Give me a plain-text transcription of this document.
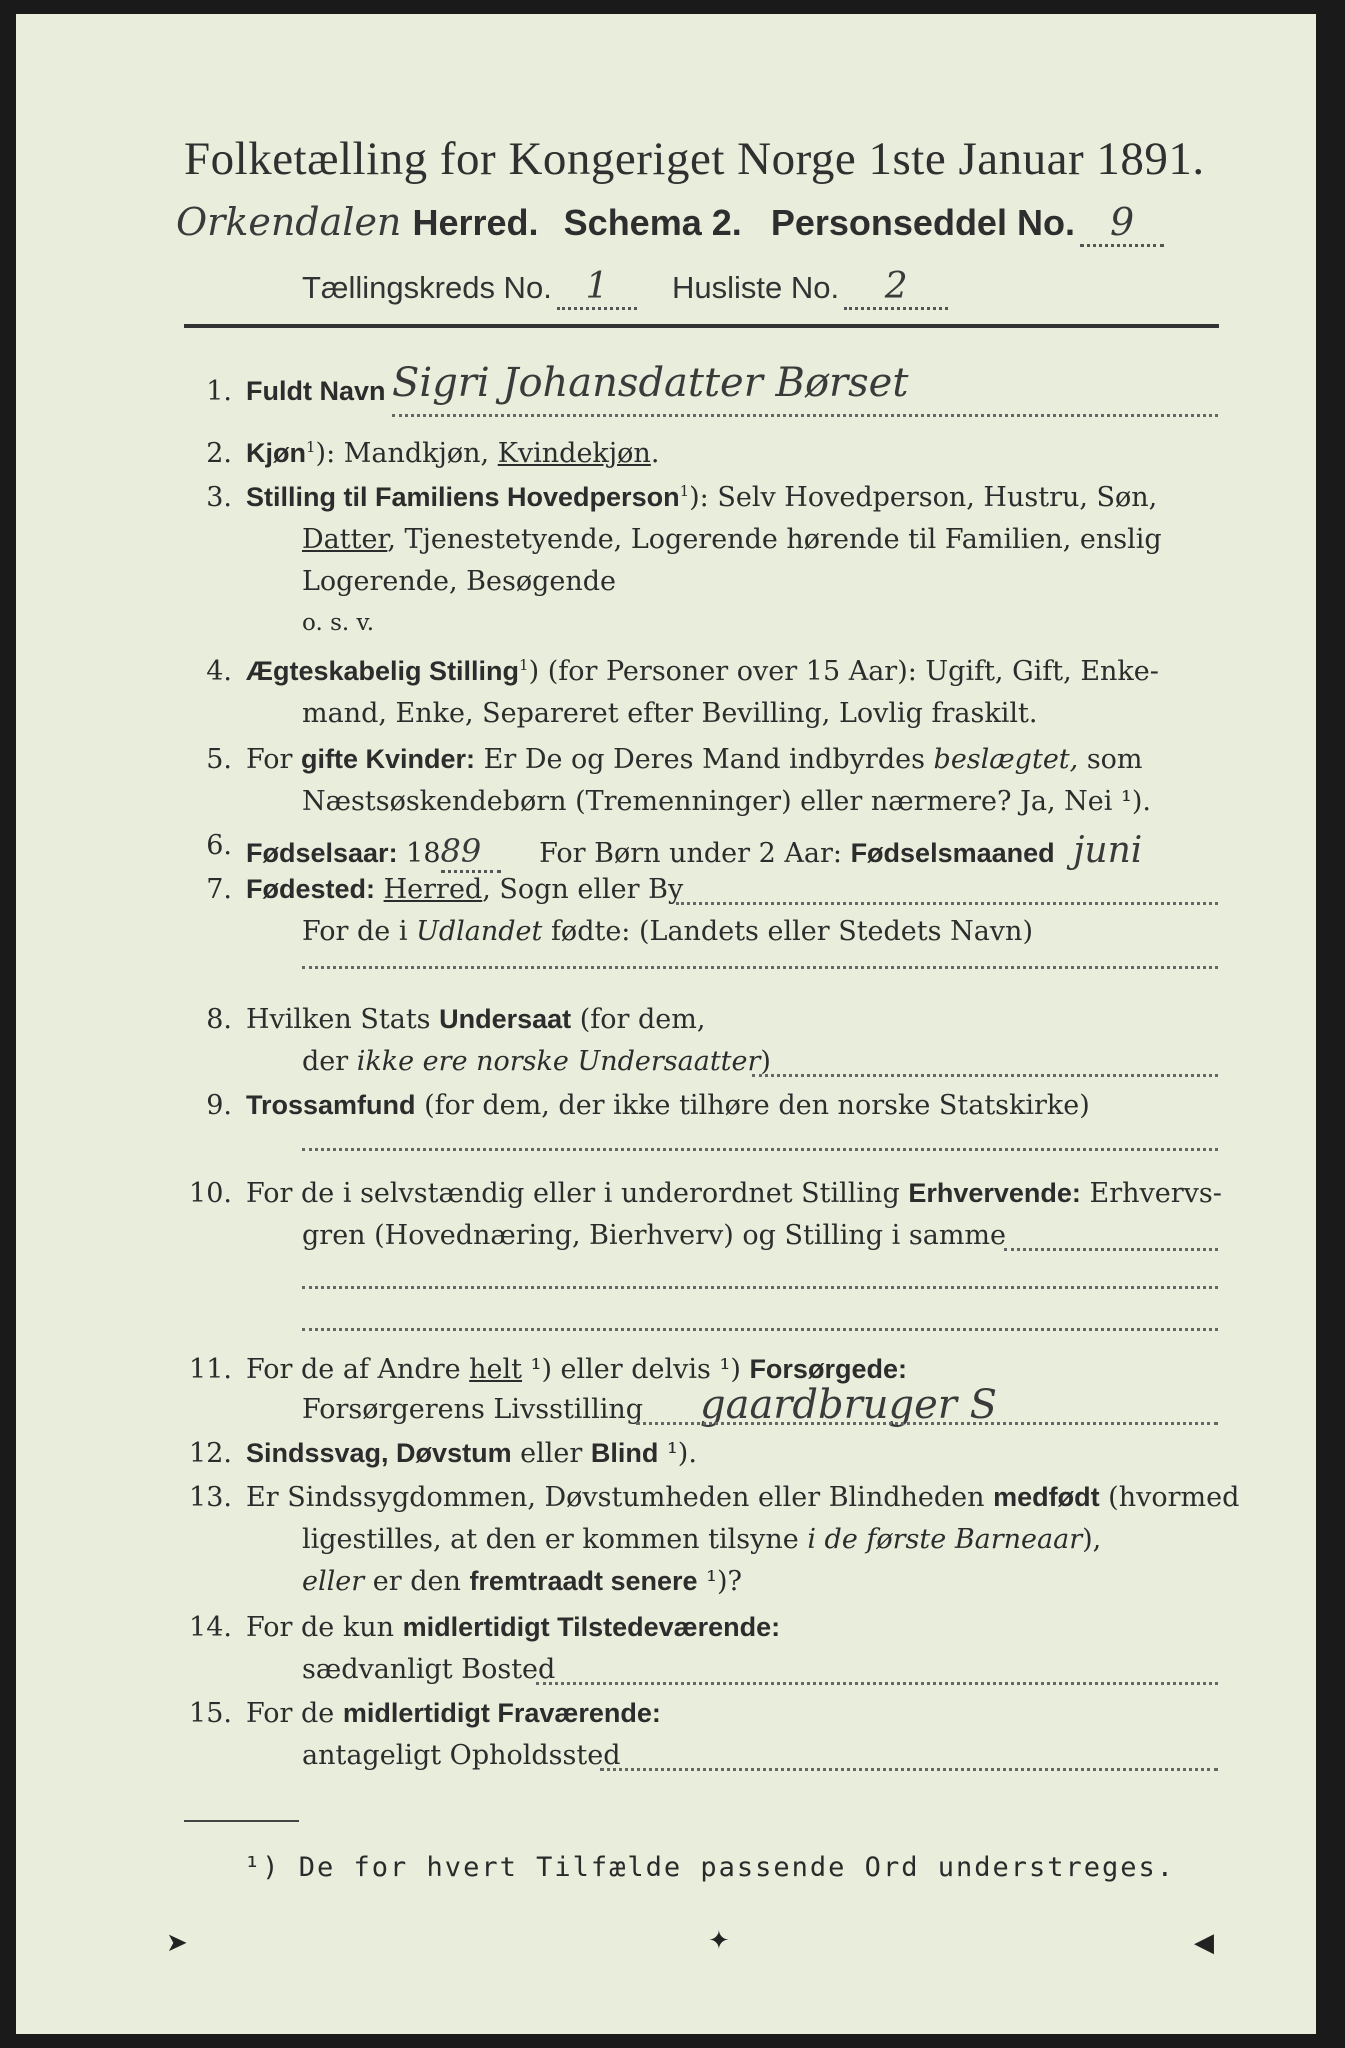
Folketælling for Kongeriget Norge 1ste Januar 1891.
Orkendalen Herred. Schema 2. Personseddel No. 9
Tællingskreds No. 1 Husliste No. 2
1. Fuldt Navn Sigri Johansdatter Børset
2. Kjøn$^1$): Mandkjøn, Kvindekjøn.
3. Stilling til Familiens Hovedperson$^1$): Selv Hovedperson, Hustru, Søn,
Datter, Tjenestetyende, Logerende hørende til Familien, enslig
Logerende, Besøgende
o. s. v.
4. Ægteskabelig Stilling$^1$) (for Personer over 15 Aar): Ugift, Gift, Enke-
mand, Enke, Separeret efter Bevilling, Lovlig fraskilt.
5. For gifte Kvinder: Er De og Deres Mand indbyrdes beslægtet, som
Næstsøskendebørn (Tremenninger) eller nærmere? Ja, Nei ¹).
6. Fødselsaar: 1889 For Børn under 2 Aar: Fødselsmaaned juni
7. Fødested: Herred, Sogn eller By
For de i Udlandet fødte: (Landets eller Stedets Navn)
8. Hvilken Stats Undersaat (for dem,
der ikke ere norske Undersaatter)
9. Trossamfund (for dem, der ikke tilhøre den norske Statskirke)
10. For de i selvstændig eller i underordnet Stilling Erhvervende: Erhvervs-
gren (Hovednæring, Bierhverv) og Stilling i samme
11. For de af Andre helt ¹) eller delvis ¹) Forsørgede:
Forsørgerens Livsstilling gaardbruger S
12. Sindssvag, Døvstum eller Blind ¹).
13. Er Sindssygdommen, Døvstumheden eller Blindheden medfødt (hvormed
ligestilles, at den er kommen tilsyne i de første Barneaar),
eller er den fremtraadt senere ¹)?
14. For de kun midlertidigt Tilstedeværende:
sædvanligt Bosted
15. For de midlertidigt Fraværende:
antageligt Opholdssted
¹) De for hvert Tilfælde passende Ord understreges.
➤	✦	◀
